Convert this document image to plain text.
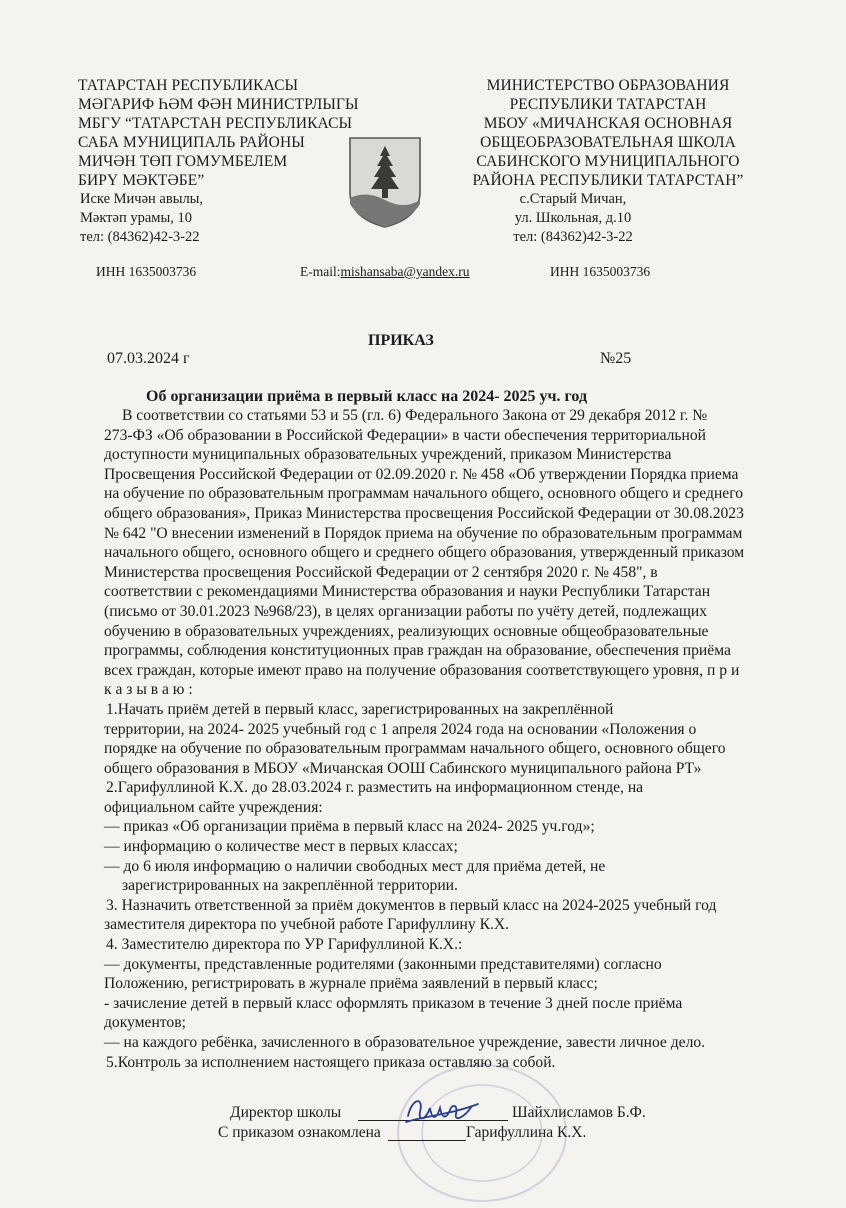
ТАТАРСТАН РЕСПУБЛИКАСЫ
МӘГАРИФ ҺӘМ ФӘН МИНИСТРЛЫГЫ
МБГУ “ТАТАРСТАН РЕСПУБЛИКАСЫ
САБА МУНИЦИПАЛЬ РАЙОНЫ
МИЧӘН ТӨП ГОМУМБЕЛЕМ
БИРҮ МӘКТӘБЕ”
Иске Мичән авылы,
Мәктәп урамы, 10
тел: (84362)42-3-22
МИНИСТЕРСТВО ОБРАЗОВАНИЯ
РЕСПУБЛИКИ ТАТАРСТАН
МБОУ «МИЧАНСКАЯ ОСНОВНАЯ
ОБЩЕОБРАЗОВАТЕЛЬНАЯ ШКОЛА
САБИНСКОГО МУНИЦИПАЛЬНОГО
РАЙОНА РЕСПУБЛИКИ ТАТАРСТАН”
с.Старый Мичан,
ул. Школьная, д.10
тел: (84362)42-3-22
ИНН 1635003736	E-mail:mishansaba@yandex.ru	ИНН 1635003736
ПРИКАЗ
07.03.2024 г	№25
Об организации приёма в первый класс на 2024- 2025 уч. год

В соответствии со статьями 53 и 55 (гл. 6) Федерального Закона от 29 декабря 2012 г. №

273-ФЗ «Об образовании в Российской Федерации» в части обеспечения территориальной

доступности муниципальных образовательных учреждений, приказом Министерства

Просвещения Российской Федерации от 02.09.2020 г. № 458 «Об утверждении Порядка приема

на обучение по образовательным программам начального общего, основного общего и среднего

общего образования», Приказ Министерства просвещения Российской Федерации от 30.08.2023

№ 642 "О внесении изменений в Порядок приема на обучение по образовательным программам

начального общего, основного общего и среднего общего образования, утвержденный приказом

Министерства просвещения Российской Федерации от 2 сентября 2020 г. № 458", в

соответствии с рекомендациями Министерства образования и науки Республики Татарстан

(письмо от 30.01.2023 №968/23), в целях организации работы по учёту детей, подлежащих

обучению в образовательных учреждениях, реализующих основные общеобразовательные

программы, соблюдения конституционных прав граждан на образование, обеспечения приёма

всех граждан, которые имеют право на получение образования соответствующего уровня, п р и

к а з ы в а ю :

1.Начать приём детей в первый класс, зарегистрированных на закреплённой

территории, на 2024- 2025 учебный год с 1 апреля 2024 года на основании «Положения о

порядке на обучение по образовательным программам начального общего, основного общего

общего образования в МБОУ «Мичанская ООШ Сабинского муниципального района РТ»

2.Гарифуллиной К.Х. до 28.03.2024 г. разместить на информационном стенде, на

официальном сайте учреждения:

— приказ «Об организации приёма в первый класс на 2024- 2025 уч.год»;

— информацию о количестве мест в первых классах;

— до 6 июля информацию о наличии свободных мест для приёма детей, не

зарегистрированных на закреплённой территории.

3. Назначить ответственной за приём документов в первый класс на 2024-2025 учебный год

заместителя директора по учебной работе Гарифуллину К.Х.

4. Заместителю директора по УР Гарифуллиной К.Х.:

— документы, представленные родителями (законными представителями) согласно

Положению, регистрировать в журнале приёма заявлений в первый класс;

- зачисление детей в первый класс оформлять приказом в течение 3 дней после приёма

документов;

— на каждого ребёнка, зачисленного в образовательное учреждение, завести личное дело.

5.Контроль за исполнением настоящего приказа оставляю за собой.

Директор школы	Шайхлисламов Б.Ф.
С приказом ознакомлена	Гарифуллина К.Х.
